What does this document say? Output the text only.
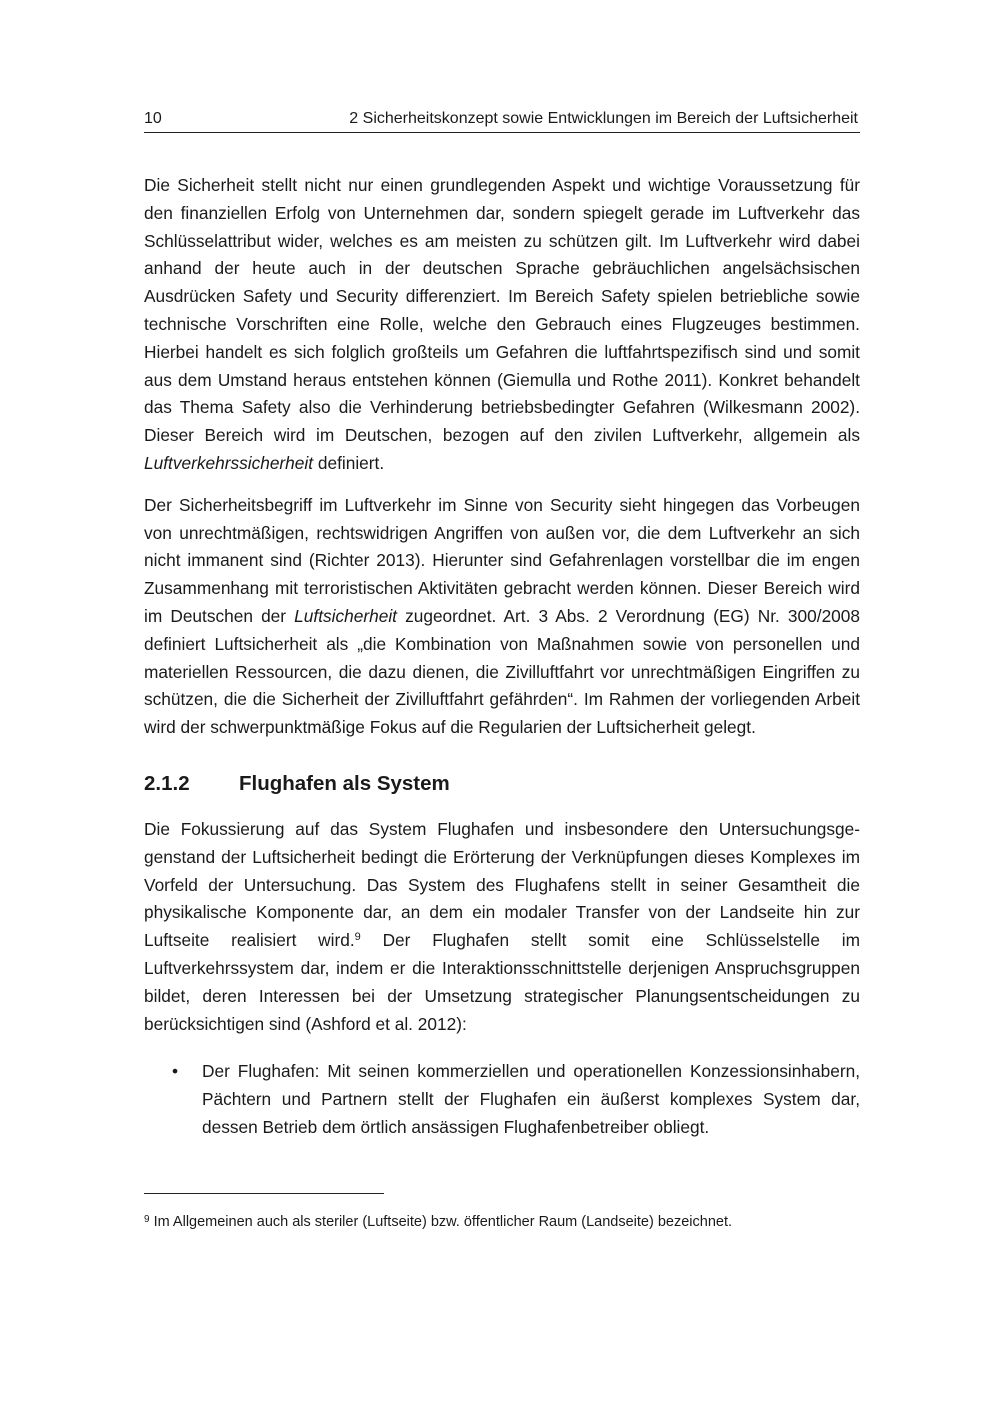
10	2 Sicherheitskonzept sowie Entwicklungen im Bereich der Luftsicherheit

Die Sicherheit stellt nicht nur einen grundlegenden Aspekt und wichtige Voraussetzung für den finanziellen Erfolg von Unternehmen dar, sondern spiegelt gerade im Luftverkehr das Schlüsselattribut wider, welches es am meisten zu schützen gilt. Im Luftverkehr wird dabei anhand der heute auch in der deutschen Sprache gebräuchlichen angelsächsischen Ausdrücken Safety und Security differenziert. Im Bereich Safety spielen betriebliche sowie technische Vorschriften eine Rolle, welche den Gebrauch eines Flugzeuges bestimmen. Hierbei handelt es sich folglich großteils um Gefahren die luftfahrtspezifisch sind und somit aus dem Umstand heraus entstehen können (Giemulla und Rothe 2011). Konkret behandelt das Thema Safety also die Verhinderung betriebsbedingter Gefahren (Wilkesmann 2002). Dieser Bereich wird im Deutschen, bezogen auf den zivilen Luftverkehr, allgemein als Luftverkehrssicherheit definiert.

Der Sicherheitsbegriff im Luftverkehr im Sinne von Security sieht hingegen das Vorbeugen von unrechtmäßigen, rechtswidrigen Angriffen von außen vor, die dem Luftverkehr an sich nicht immanent sind (Richter 2013). Hierunter sind Gefahrenlagen vorstellbar die im engen Zusammenhang mit terroristischen Aktivitäten gebracht werden können. Dieser Bereich wird im Deutschen der Luftsicherheit zugeordnet. Art. 3 Abs. 2 Verordnung (EG) Nr. 300/2008 definiert Luftsicherheit als „die Kombination von Maßnahmen sowie von personellen und materiellen Ressourcen, die dazu dienen, die Zivilluftfahrt vor unrechtmäßigen Eingriffen zu schützen, die die Sicherheit der Zivilluftfahrt gefährden“. Im Rahmen der vorliegenden Arbeit wird der schwerpunktmäßige Fokus auf die Regularien der Luftsicherheit gelegt.

2.1.2 Flughafen als System

Die Fokussierung auf das System Flughafen und insbesondere den Untersuchungsgegenstand der Luftsicherheit bedingt die Erörterung der Verknüpfungen dieses Komplexes im Vorfeld der Untersuchung. Das System des Flughafens stellt in seiner Gesamtheit die physikalische Komponente dar, an dem ein modaler Transfer von der Landseite hin zur Luftseite realisiert wird.$^9$ Der Flughafen stellt somit eine Schlüsselstelle im Luftverkehrssystem dar, indem er die Interaktionsschnittstelle derjenigen Anspruchsgruppen bildet, deren Interessen bei der Umsetzung strategischer Planungsentscheidungen zu berücksichtigen sind (Ashford et al. 2012):

• Der Flughafen: Mit seinen kommerziellen und operationellen Konzessionsinhabern, Pächtern und Partnern stellt der Flughafen ein äußerst komplexes System dar, dessen Betrieb dem örtlich ansässigen Flughafenbetreiber obliegt.
$^9$ Im Allgemeinen auch als steriler (Luftseite) bzw. öffentlicher Raum (Landseite) bezeichnet.
